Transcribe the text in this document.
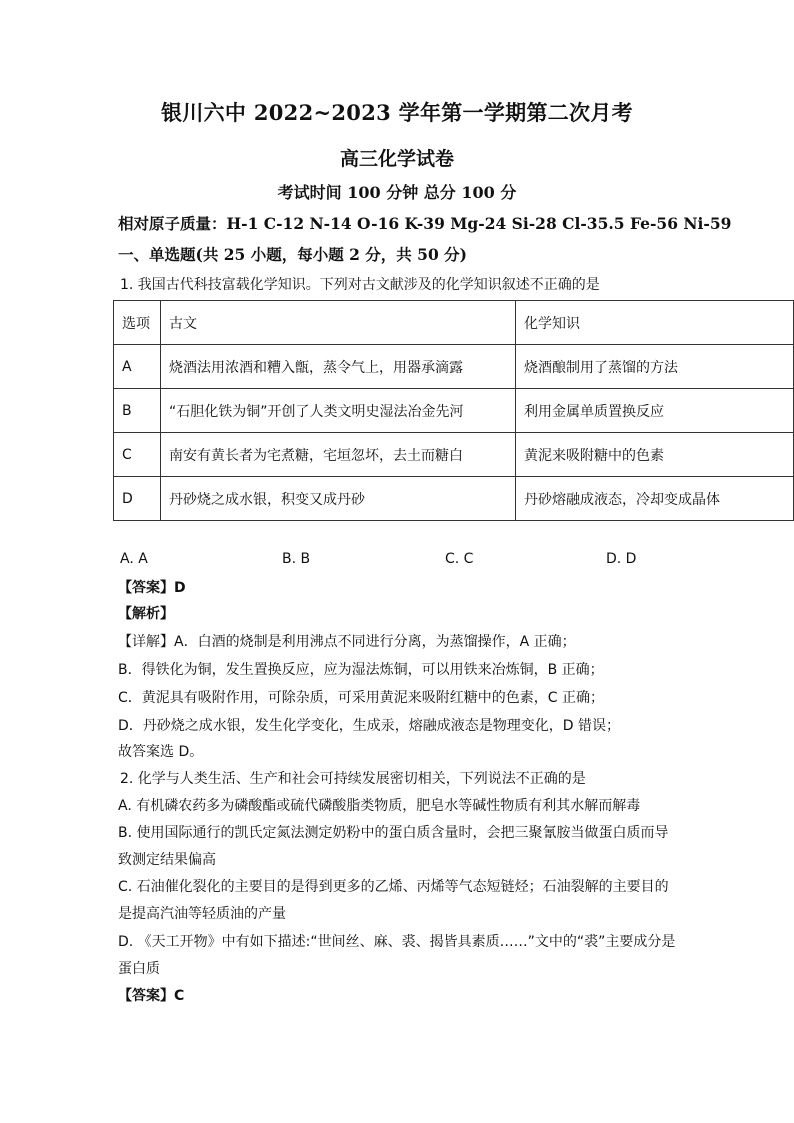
银川六中 2022~2023 学年第一学期第二次月考
高三化学试卷
考试时间 100 分钟 总分 100 分
相对原子质量：H-1 C-12 N-14 O-16 K-39 Mg-24 Si-28 Cl-35.5 Fe-56 Ni-59
一、单选题(共 25 小题，每小题 2 分，共 50 分)
1. 我国古代科技富载化学知识。下列对古文献涉及的化学知识叙述不正确的是
选项	古文	化学知识
A	烧酒法用浓酒和糟入甑，蒸令气上，用器承滴露	烧酒酿制用了蒸馏的方法
B	“石胆化铁为铜”开创了人类文明史湿法冶金先河	利用金属单质置换反应
C	南安有黄长者为宅煮糖，宅垣忽坏，去土而糖白	黄泥来吸附糖中的色素
D	丹砂烧之成水银，积变又成丹砂	丹砂熔融成液态，冷却变成晶体
A. A	B. B	C. C	D. D
【答案】D
【解析】
【详解】A．白酒的烧制是利用沸点不同进行分离，为蒸馏操作，A 正确；
B．得铁化为铜，发生置换反应，应为湿法炼铜，可以用铁来冶炼铜，B 正确；
C．黄泥具有吸附作用，可除杂质，可采用黄泥来吸附红糖中的色素，C 正确；
D．丹砂烧之成水银，发生化学变化，生成汞，熔融成液态是物理变化，D 错误；
故答案选 D。
2. 化学与人类生活、生产和社会可持续发展密切相关，下列说法不正确的是
A. 有机磷农药多为磷酸酯或硫代磷酸脂类物质，肥皂水等碱性物质有利其水解而解毒
B. 使用国际通行的凯氏定氮法测定奶粉中的蛋白质含量时，会把三聚氰胺当做蛋白质而导
致测定结果偏高
C. 石油催化裂化的主要目的是得到更多的乙烯、丙烯等气态短链烃；石油裂解的主要目的
是提高汽油等轻质油的产量
D. 《天工开物》中有如下描述:“世间丝、麻、裘、揭皆具素质……”文中的“裘”主要成分是
蛋白质
【答案】C
